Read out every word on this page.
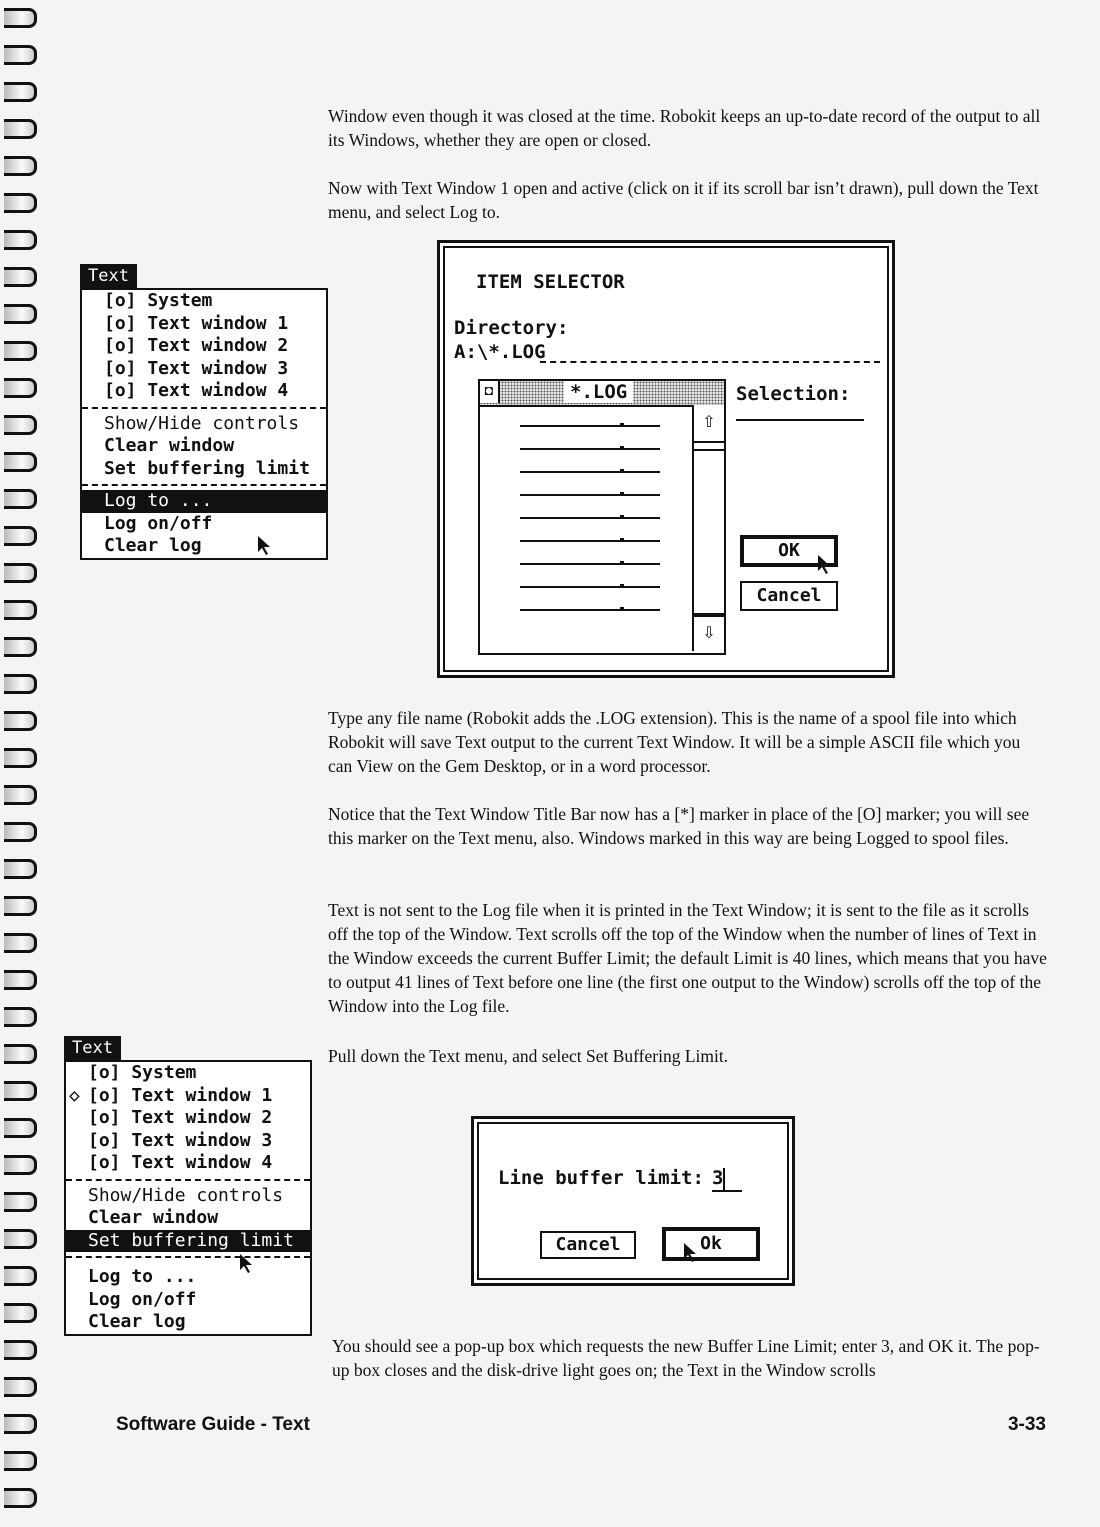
Window even though it was closed at the time. Robokit keeps an up-to-date record of the output to all its Windows, whether they are open or closed.

Now with Text Window 1 open and active (click on it if its scroll bar isn’t drawn), pull down the Text menu, and select Log to.

Text
[o] System
[o] Text window 1
[o] Text window 2
[o] Text window 3
[o] Text window 4
Show/Hide controls
Clear window
Set buffering limit
Log to ...
Log on/off
Clear log
ITEM SELECTOR
Directory:
A:\*.LOG
◘	*.LOG
⇧
⇩
Selection:
OK
Cancel

Type any file name (Robokit adds the .LOG extension). This is the name of a spool file into which Robokit will save Text output to the current Text Window. It will be a simple ASCII file which you can View on the Gem Desktop, or in a word processor.

Notice that the Text Window Title Bar now has a [*] marker in place of the [O] marker; you will see this marker on the Text menu, also. Windows marked in this way are being Logged to spool files.

Text is not sent to the Log file when it is printed in the Text Window; it is sent to the file as it scrolls off the top of the Window. Text scrolls off the top of the Window when the number of lines of Text in the Window exceeds the current Buffer Limit; the default Limit is 40 lines, which means that you have to output 41 lines of Text before one line (the first one output to the Window) scrolls off the top of the Window into the Log file.

Pull down the Text menu, and select Set Buffering Limit.

Text
[o] System
◇ [o] Text window 1
[o] Text window 2
[o] Text window 3
[o] Text window 4
Show/Hide controls
Clear window
Set buffering limit
Log to ...
Log on/off
Clear log
Line buffer limit: 3
Cancel	Ok

You should see a pop-up box which requests the new Buffer Line Limit; enter 3, and OK it. The pop-up box closes and the disk-drive light goes on; the Text in the Window scrolls

Software Guide - Text	3-33
